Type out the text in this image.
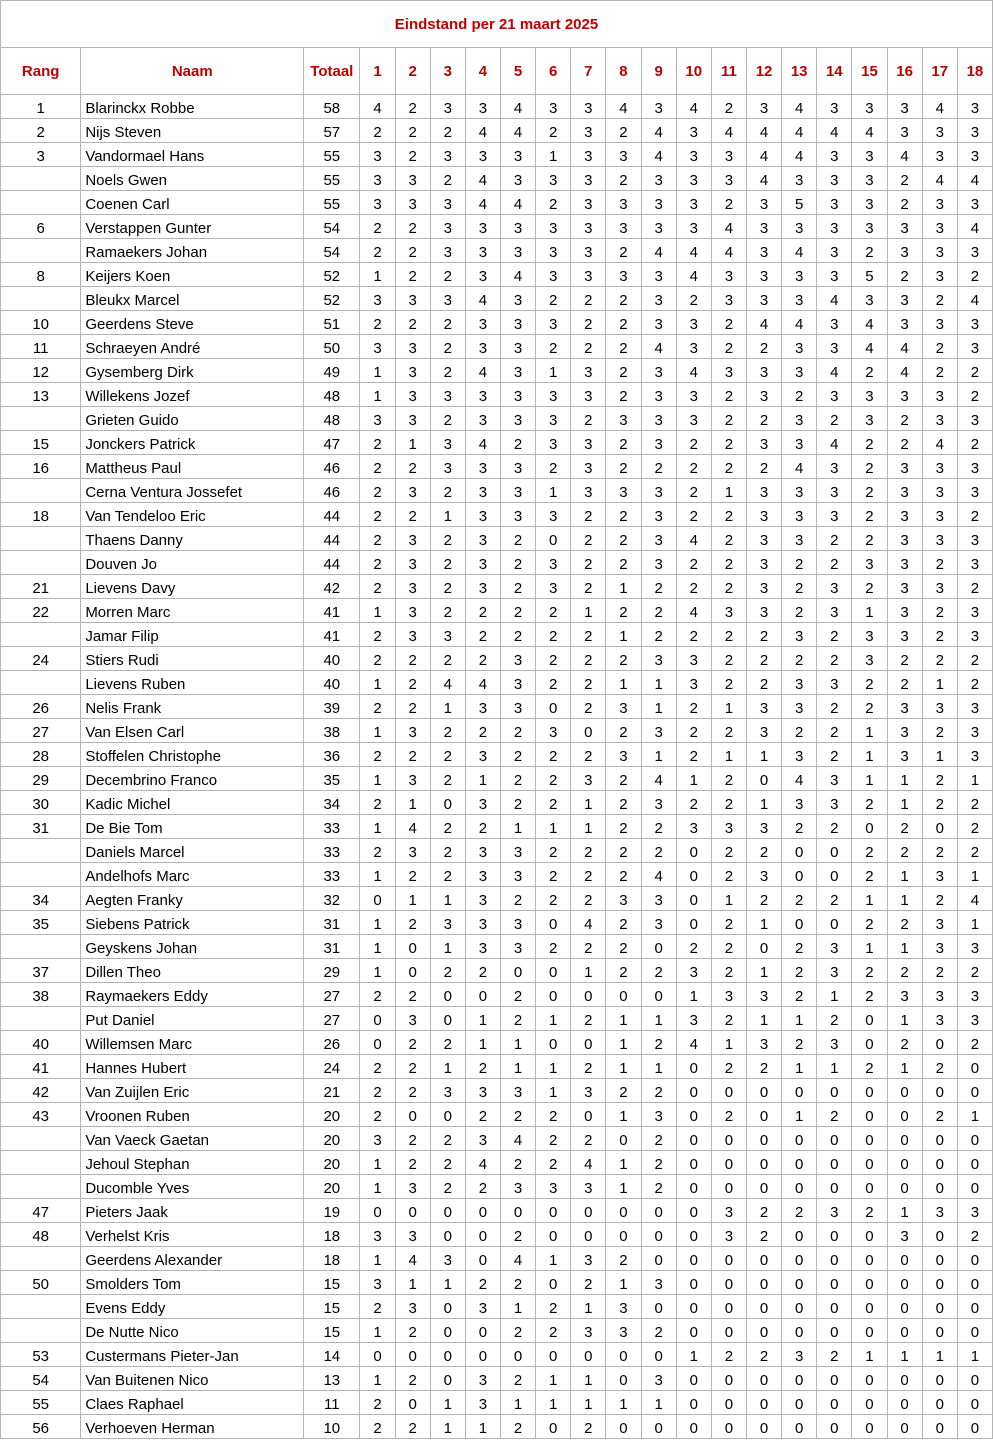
Eindstand per 21 maart 2025																				
Rang	Naam	Totaal	1	2	3	4	5	6	7	8	9	10	11	12	13	14	15	16	17	18
1	Blarinckx Robbe	58	4	2	3	3	4	3	3	4	3	4	2	3	4	3	3	3	4	3
2	Nijs Steven	57	2	2	2	4	4	2	3	2	4	3	4	4	4	4	4	3	3	3
3	Vandormael Hans	55	3	2	3	3	3	1	3	3	4	3	3	4	4	3	3	4	3	3
	Noels Gwen	55	3	3	2	4	3	3	3	2	3	3	3	4	3	3	3	2	4	4
	Coenen Carl	55	3	3	3	4	4	2	3	3	3	3	2	3	5	3	3	2	3	3
6	Verstappen Gunter	54	2	2	3	3	3	3	3	3	3	3	4	3	3	3	3	3	3	4
	Ramaekers Johan	54	2	2	3	3	3	3	3	2	4	4	4	3	4	3	2	3	3	3
8	Keijers Koen	52	1	2	2	3	4	3	3	3	3	4	3	3	3	3	5	2	3	2
	Bleukx Marcel	52	3	3	3	4	3	2	2	2	3	2	3	3	3	4	3	3	2	4
10	Geerdens Steve	51	2	2	2	3	3	3	2	2	3	3	2	4	4	3	4	3	3	3
11	Schraeyen André	50	3	3	2	3	3	2	2	2	4	3	2	2	3	3	4	4	2	3
12	Gysemberg Dirk	49	1	3	2	4	3	1	3	2	3	4	3	3	3	4	2	4	2	2
13	Willekens Jozef	48	1	3	3	3	3	3	3	2	3	3	2	3	2	3	3	3	3	2
	Grieten Guido	48	3	3	2	3	3	3	2	3	3	3	2	2	3	2	3	2	3	3
15	Jonckers Patrick	47	2	1	3	4	2	3	3	2	3	2	2	3	3	4	2	2	4	2
16	Mattheus Paul	46	2	2	3	3	3	2	3	2	2	2	2	2	4	3	2	3	3	3
	Cerna Ventura Jossefet	46	2	3	2	3	3	1	3	3	3	2	1	3	3	3	2	3	3	3
18	Van Tendeloo Eric	44	2	2	1	3	3	3	2	2	3	2	2	3	3	3	2	3	3	2
	Thaens Danny	44	2	3	2	3	2	0	2	2	3	4	2	3	3	2	2	3	3	3
	Douven Jo	44	2	3	2	3	2	3	2	2	3	2	2	3	2	2	3	3	2	3
21	Lievens Davy	42	2	3	2	3	2	3	2	1	2	2	2	3	2	3	2	3	3	2
22	Morren Marc	41	1	3	2	2	2	2	1	2	2	4	3	3	2	3	1	3	2	3
	Jamar Filip	41	2	3	3	2	2	2	2	1	2	2	2	2	3	2	3	3	2	3
24	Stiers Rudi	40	2	2	2	2	3	2	2	2	3	3	2	2	2	2	3	2	2	2
	Lievens Ruben	40	1	2	4	4	3	2	2	1	1	3	2	2	3	3	2	2	1	2
26	Nelis Frank	39	2	2	1	3	3	0	2	3	1	2	1	3	3	2	2	3	3	3
27	Van Elsen Carl	38	1	3	2	2	2	3	0	2	3	2	2	3	2	2	1	3	2	3
28	Stoffelen Christophe	36	2	2	2	3	2	2	2	3	1	2	1	1	3	2	1	3	1	3
29	Decembrino Franco	35	1	3	2	1	2	2	3	2	4	1	2	0	4	3	1	1	2	1
30	Kadic Michel	34	2	1	0	3	2	2	1	2	3	2	2	1	3	3	2	1	2	2
31	De Bie Tom	33	1	4	2	2	1	1	1	2	2	3	3	3	2	2	0	2	0	2
	Daniels Marcel	33	2	3	2	3	3	2	2	2	2	0	2	2	0	0	2	2	2	2
	Andelhofs Marc	33	1	2	2	3	3	2	2	2	4	0	2	3	0	0	2	1	3	1
34	Aegten Franky	32	0	1	1	3	2	2	2	3	3	0	1	2	2	2	1	1	2	4
35	Siebens Patrick	31	1	2	3	3	3	0	4	2	3	0	2	1	0	0	2	2	3	1
	Geyskens Johan	31	1	0	1	3	3	2	2	2	0	2	2	0	2	3	1	1	3	3
37	Dillen Theo	29	1	0	2	2	0	0	1	2	2	3	2	1	2	3	2	2	2	2
38	Raymaekers Eddy	27	2	2	0	0	2	0	0	0	0	1	3	3	2	1	2	3	3	3
	Put Daniel	27	0	3	0	1	2	1	2	1	1	3	2	1	1	2	0	1	3	3
40	Willemsen Marc	26	0	2	2	1	1	0	0	1	2	4	1	3	2	3	0	2	0	2
41	Hannes Hubert	24	2	2	1	2	1	1	2	1	1	0	2	2	1	1	2	1	2	0
42	Van Zuijlen Eric	21	2	2	3	3	3	1	3	2	2	0	0	0	0	0	0	0	0	0
43	Vroonen Ruben	20	2	0	0	2	2	2	0	1	3	0	2	0	1	2	0	0	2	1
	Van Vaeck Gaetan	20	3	2	2	3	4	2	2	0	2	0	0	0	0	0	0	0	0	0
	Jehoul Stephan	20	1	2	2	4	2	2	4	1	2	0	0	0	0	0	0	0	0	0
	Ducomble Yves	20	1	3	2	2	3	3	3	1	2	0	0	0	0	0	0	0	0	0
47	Pieters Jaak	19	0	0	0	0	0	0	0	0	0	0	3	2	2	3	2	1	3	3
48	Verhelst Kris	18	3	3	0	0	2	0	0	0	0	0	3	2	0	0	0	3	0	2
	Geerdens Alexander	18	1	4	3	0	4	1	3	2	0	0	0	0	0	0	0	0	0	0
50	Smolders Tom	15	3	1	1	2	2	0	2	1	3	0	0	0	0	0	0	0	0	0
	Evens Eddy	15	2	3	0	3	1	2	1	3	0	0	0	0	0	0	0	0	0	0
	De Nutte Nico	15	1	2	0	0	2	2	3	3	2	0	0	0	0	0	0	0	0	0
53	Custermans Pieter-Jan	14	0	0	0	0	0	0	0	0	0	1	2	2	3	2	1	1	1	1
54	Van Buitenen Nico	13	1	2	0	3	2	1	1	0	3	0	0	0	0	0	0	0	0	0
55	Claes Raphael	11	2	0	1	3	1	1	1	1	1	0	0	0	0	0	0	0	0	0
56	Verhoeven Herman	10	2	2	1	1	2	0	2	0	0	0	0	0	0	0	0	0	0	0
